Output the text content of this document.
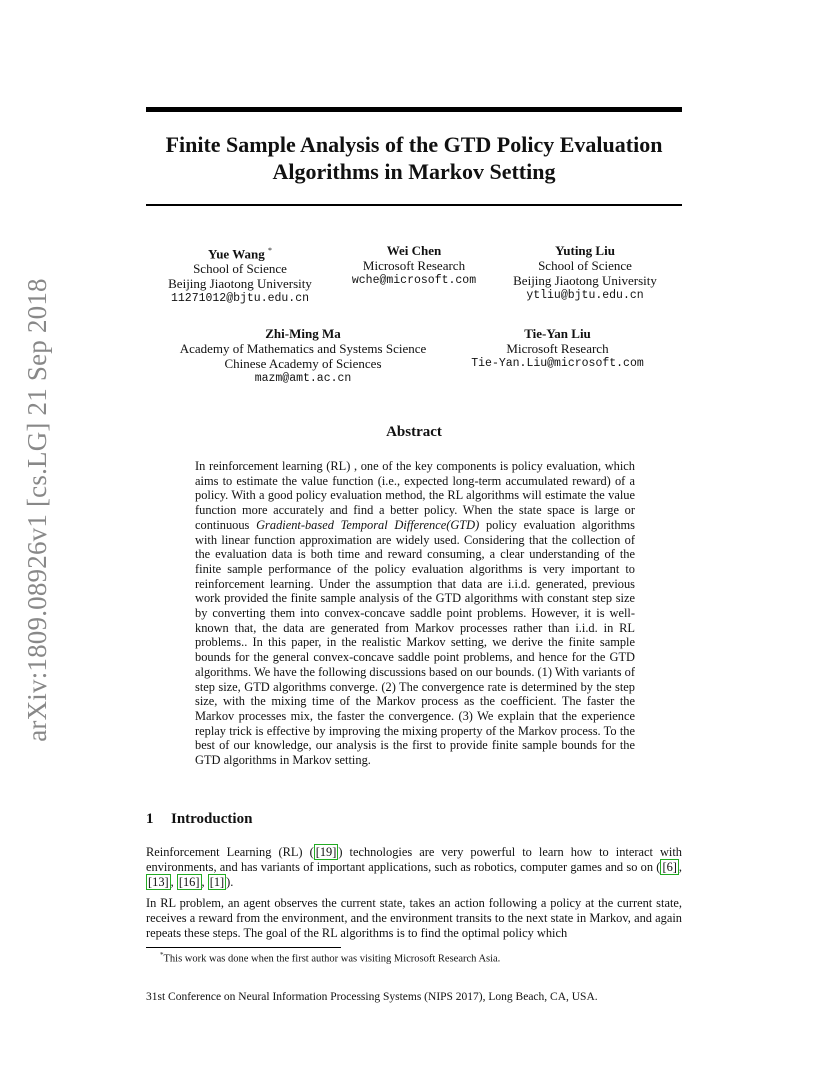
Finite Sample Analysis of the GTD Policy Evaluation
Algorithms in Markov Setting
arXiv:1809.08926v1 [cs.LG] 21 Sep 2018
Yue Wang *
School of Science
Beijing Jiaotong University
11271012@bjtu.edu.cn
Wei Chen
Microsoft Research
wche@microsoft.com
Yuting Liu
School of Science
Beijing Jiaotong University
ytliu@bjtu.edu.cn
Zhi-Ming Ma
Academy of Mathematics and Systems Science
Chinese Academy of Sciences
mazm@amt.ac.cn
Tie-Yan Liu
Microsoft Research
Tie-Yan.Liu@microsoft.com
Abstract
In reinforcement learning (RL) , one of the key components is policy evaluation, which aims to estimate the value function (i.e., expected long-term accumulated reward) of a policy. With a good policy evaluation method, the RL algorithms will estimate the value function more accurately and find a better policy. When the state space is large or continuous Gradient-based Temporal Difference(GTD) policy evaluation algorithms with linear function approximation are widely used. Considering that the collection of the evaluation data is both time and reward consuming, a clear understanding of the finite sample performance of the policy evaluation algorithms is very important to reinforcement learning. Under the assumption that data are i.i.d. generated, previous work provided the finite sample analysis of the GTD algorithms with constant step size by converting them into convex-concave saddle point problems. However, it is well-known that, the data are generated from Markov processes rather than i.i.d. in RL problems.. In this paper, in the realistic Markov setting, we derive the finite sample bounds for the general convex-concave saddle point problems, and hence for the GTD algorithms. We have the following discussions based on our bounds. (1) With variants of step size, GTD algorithms converge. (2) The convergence rate is determined by the step size, with the mixing time of the Markov process as the coefficient. The faster the Markov processes mix, the faster the convergence. (3) We explain that the experience replay trick is effective by improving the mixing property of the Markov process. To the best of our knowledge, our analysis is the first to provide finite sample bounds for the GTD algorithms in Markov setting.
1 Introduction
Reinforcement Learning (RL) ( [19] ) technologies are very powerful to learn how to interact with environments, and has variants of important applications, such as robotics, computer games and so on ( [6] , [13] , [16] , [1] ).
In RL problem, an agent observes the current state, takes an action following a policy at the current state, receives a reward from the environment, and the environment transits to the next state in Markov, and again repeats these steps. The goal of the RL algorithms is to find the optimal policy which
*This work was done when the first author was visiting Microsoft Research Asia.
31st Conference on Neural Information Processing Systems (NIPS 2017), Long Beach, CA, USA.
